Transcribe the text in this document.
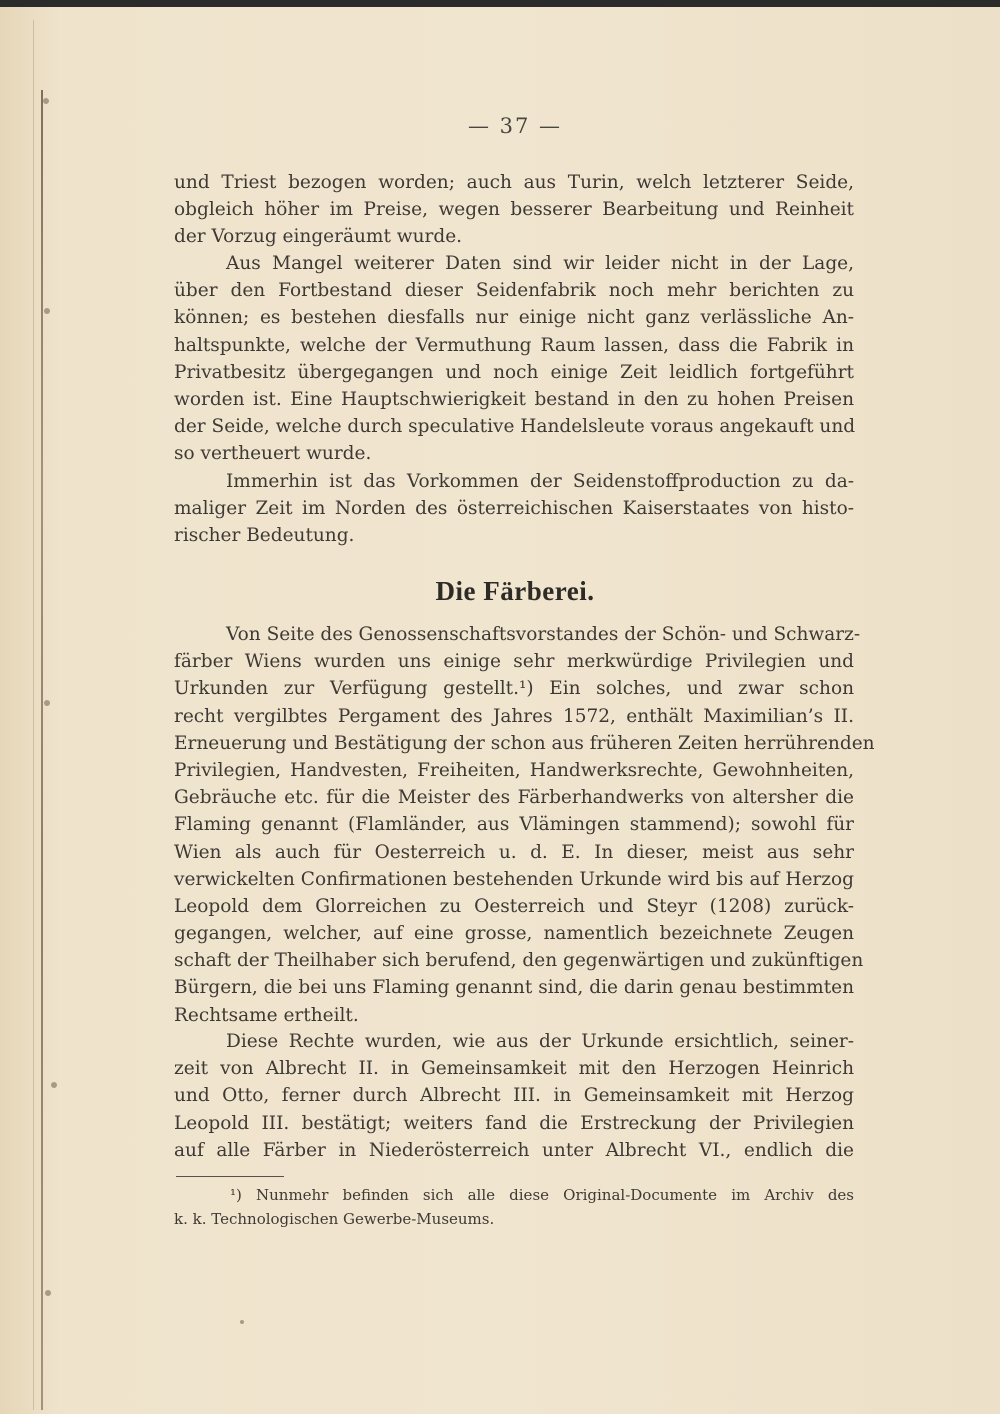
— 37 —
und Triest bezogen worden; auch aus Turin, welch letzterer Seide,
obgleich höher im Preise, wegen besserer Bearbeitung und Reinheit
der Vorzug eingeräumt wurde.
Aus Mangel weiterer Daten sind wir leider nicht in der Lage,
über den Fortbestand dieser Seidenfabrik noch mehr berichten zu
können; es bestehen diesfalls nur einige nicht ganz verlässliche An-
haltspunkte, welche der Vermuthung Raum lassen, dass die Fabrik in
Privatbesitz übergegangen und noch einige Zeit leidlich fortgeführt
worden ist. Eine Hauptschwierigkeit bestand in den zu hohen Preisen
der Seide, welche durch speculative Handelsleute voraus angekauft und
so vertheuert wurde.
Immerhin ist das Vorkommen der Seidenstoffproduction zu da-
maliger Zeit im Norden des österreichischen Kaiserstaates von histo-
rischer Bedeutung.
Die Färberei.
Von Seite des Genossenschaftsvorstandes der Schön- und Schwarz-
färber Wiens wurden uns einige sehr merkwürdige Privilegien und
Urkunden zur Verfügung gestellt.¹) Ein solches, und zwar schon
recht vergilbtes Pergament des Jahres 1572, enthält Maximilian’s II.
Erneuerung und Bestätigung der schon aus früheren Zeiten herrührenden
Privilegien, Handvesten, Freiheiten, Handwerksrechte, Gewohnheiten,
Gebräuche etc. für die Meister des Färberhandwerks von altersher die
Flaming genannt (Flamländer, aus Vlämingen stammend); sowohl für
Wien als auch für Oesterreich u. d. E. In dieser, meist aus sehr
verwickelten Confirmationen bestehenden Urkunde wird bis auf Herzog
Leopold dem Glorreichen zu Oesterreich und Steyr (1208) zurück-
gegangen, welcher, auf eine grosse, namentlich bezeichnete Zeugen
schaft der Theilhaber sich berufend, den gegenwärtigen und zukünftigen
Bürgern, die bei uns Flaming genannt sind, die darin genau bestimmten
Rechtsame ertheilt.
Diese Rechte wurden, wie aus der Urkunde ersichtlich, seiner-
zeit von Albrecht II. in Gemeinsamkeit mit den Herzogen Heinrich
und Otto, ferner durch Albrecht III. in Gemeinsamkeit mit Herzog
Leopold III. bestätigt; weiters fand die Erstreckung der Privilegien
auf alle Färber in Niederösterreich unter Albrecht VI., endlich die
¹) Nunmehr befinden sich alle diese Original-Documente im Archiv des
k. k. Technologischen Gewerbe-Museums.
